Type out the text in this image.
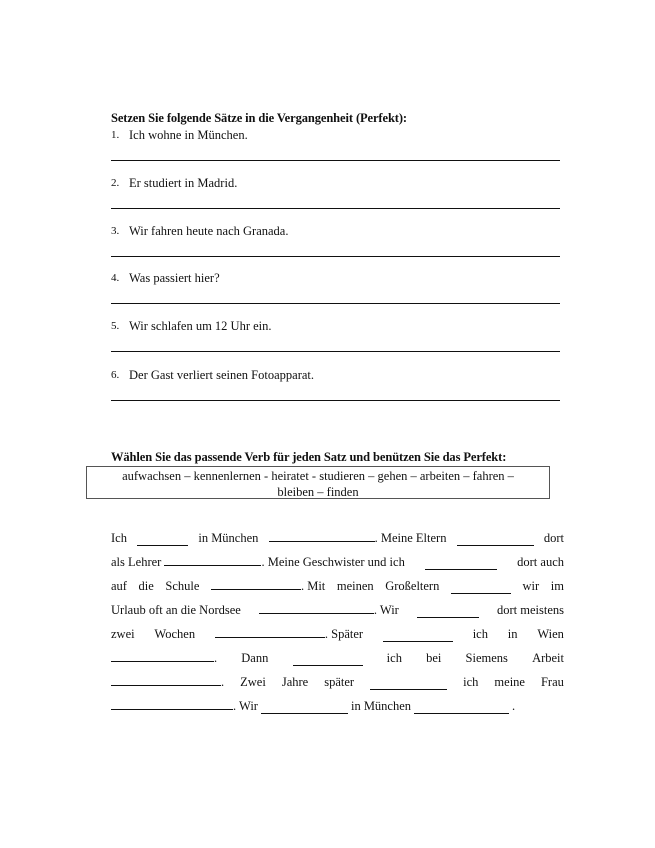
Setzen Sie folgende Sätze in die Vergangenheit (Perfekt):
1. Ich wohne in München.
2. Er studiert in Madrid.
3. Wir fahren heute nach Granada.
4. Was passiert hier?
5. Wir schlafen um 12 Uhr ein.
6. Der Gast verliert seinen Fotoapparat.
Wählen Sie das passende Verb für jeden Satz und benützen Sie das Perfekt:
aufwachsen – kennenlernen - heiratet - studieren – gehen – arbeiten – fahren –
bleiben – finden
Ich	in München	. Meine Eltern	dort
als Lehrer	. Meine Geschwister und ich	dort auch
auf die Schule	. Mit meinen Großeltern	wir im
Urlaub oft an die Nordsee	. Wir	dort meistens
zwei Wochen	. Später	ich in Wien
. Dann	ich bei Siemens Arbeit
. Zwei Jahre später	ich meine Frau
. Wir	in München	.
